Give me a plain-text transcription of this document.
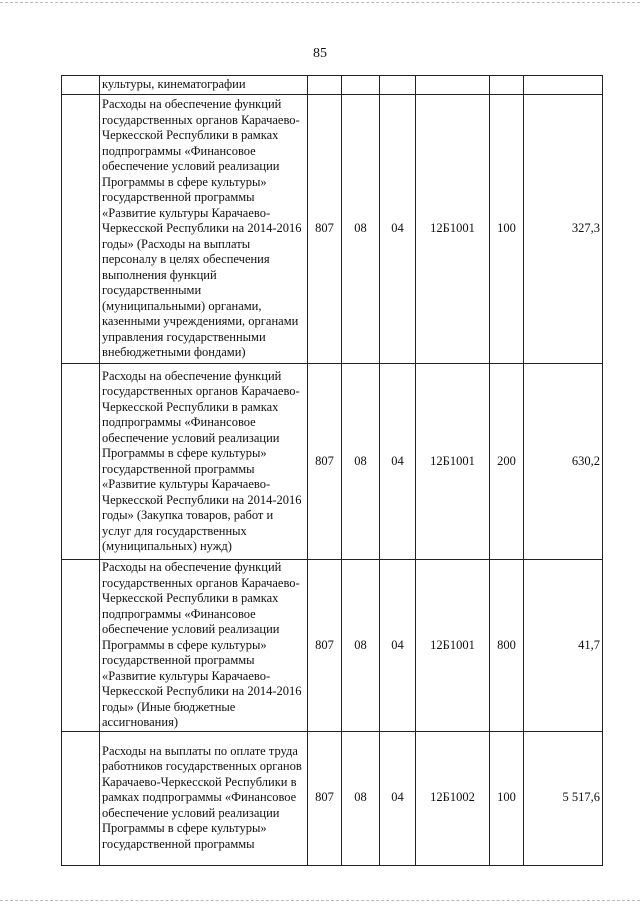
85
	культуры, кинематографии						
	Расходы на обеспечение функций государственных органов Карачаево-Черкесской Республики в рамках подпрограммы «Финансовое обеспечение условий реализации Программы в сфере культуры» государственной программы «Развитие культуры Карачаево-Черкесской Республики на 2014-2016 годы» (Расходы на выплаты персоналу в целях обеспечения выполнения функций государственными (муниципальными) органами, казенными учреждениями, органами управления государственными внебюджетными фондами)	807	08	04	12Б1001	100	327,3
	Расходы на обеспечение функций государственных органов Карачаево-Черкесской Республики в рамках подпрограммы «Финансовое обеспечение условий реализации Программы в сфере культуры» государственной программы «Развитие культуры Карачаево-Черкесской Республики на 2014-2016 годы» (Закупка товаров, работ и услуг для государственных (муниципальных) нужд)	807	08	04	12Б1001	200	630,2
	Расходы на обеспечение функций государственных органов Карачаево-Черкесской Республики в рамках подпрограммы «Финансовое обеспечение условий реализации Программы в сфере культуры» государственной программы «Развитие культуры Карачаево-Черкесской Республики на 2014-2016 годы» (Иные бюджетные ассигнования)	807	08	04	12Б1001	800	41,7
	Расходы на выплаты по оплате труда работников государственных органов Карачаево-Черкесской Республики в рамках подпрограммы «Финансовое обеспечение условий реализации Программы в сфере культуры» государственной программы	807	08	04	12Б1002	100	5 517,6
